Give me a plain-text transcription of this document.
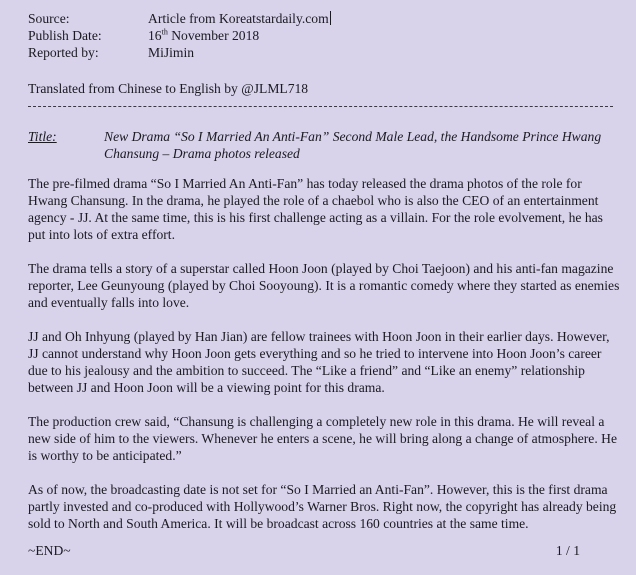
Source:	Article from Koreatstardaily.com
Publish Date:	16th November 2018
Reported by:	MiJimin
Translated from Chinese to English by @JLML718
Title:	New Drama “So I Married An Anti-Fan” Second Male Lead, the Handsome Prince Hwang Chansung – Drama photos released

The pre-filmed drama “So I Married An Anti-Fan” has today released the drama photos of the role for Hwang Chansung. In the drama, he played the role of a chaebol who is also the CEO of an entertainment agency - JJ. At the same time, this is his first challenge acting as a villain. For the role evolvement, he has put into lots of extra effort.

The drama tells a story of a superstar called Hoon Joon (played by Choi Taejoon) and his anti-fan magazine reporter, Lee Geunyoung (played by Choi Sooyoung). It is a romantic comedy where they started as enemies and eventually falls into love.

JJ and Oh Inhyung (played by Han Jian) are fellow trainees with Hoon Joon in their earlier days. However, JJ cannot understand why Hoon Joon gets everything and so he tried to intervene into Hoon Joon’s career due to his jealousy and the ambition to succeed. The “Like a friend” and “Like an enemy” relationship between JJ and Hoon Joon will be a viewing point for this drama.

The production crew said, “Chansung is challenging a completely new role in this drama. He will reveal a new side of him to the viewers. Whenever he enters a scene, he will bring along a change of atmosphere. He is worthy to be anticipated.”

As of now, the broadcasting date is not set for “So I Married an Anti-Fan”. However, this is the first drama partly invested and co-produced with Hollywood’s Warner Bros. Right now, the copyright has already being sold to North and South America. It will be broadcast across 160 countries at the same time.

~END~	1 / 1
